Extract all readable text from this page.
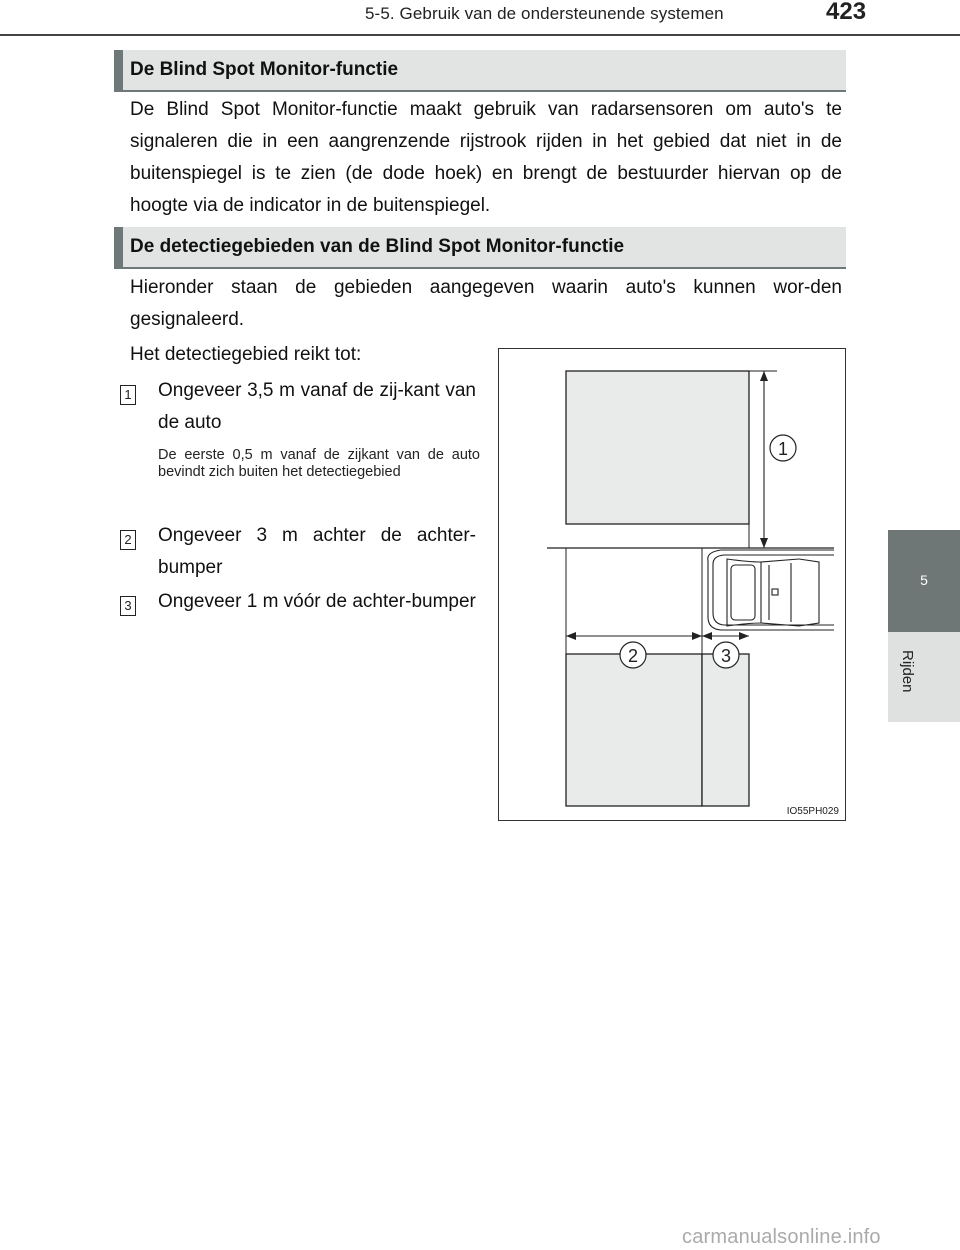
5-5. Gebruik van de ondersteunende systemen	423
5
Rijden
De Blind Spot Monitor-functie
De Blind Spot Monitor-functie maakt gebruik van radarsensoren om auto's te signaleren die in een aangrenzende rijstrook rijden in het gebied dat niet in de buitenspiegel is te zien (de dode hoek) en brengt de bestuurder hiervan op de hoogte via de indicator in de buitenspiegel.
De detectiegebieden van de Blind Spot Monitor-functie
Hieronder staan de gebieden aangegeven waarin auto's kunnen wor-den gesignaleerd.
Het detectiegebied reikt tot:
1 Ongeveer 3,5 m vanaf de zij-kant van de auto
De eerste 0,5 m vanaf de zijkant van de auto bevindt zich buiten het detectiegebied
2 Ongeveer 3 m achter de achter-bumper
3 Ongeveer 1 m vóór de achter-bumper
1
2	3
IO55PH029
carmanualsonline.info
